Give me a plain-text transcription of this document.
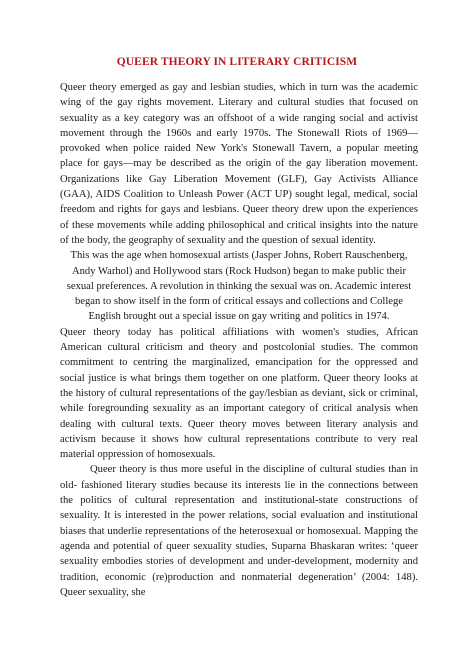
QUEER THEORY IN LITERARY CRITICISM

Queer theory emerged as gay and lesbian studies, which in turn was the academic wing of the gay rights movement. Literary and cultural studies that focused on sexuality as a key category was an offshoot of a wide ranging social and activist movement through the 1960s and early 1970s. The Stonewall Riots of 1969—provoked when police raided New York's Stonewall Tavern, a popular meeting place for gays—may be described as the origin of the gay liberation movement. Organizations like Gay Liberation Movement (GLF), Gay Activists Alliance (GAA), AIDS Coalition to Unleash Power (ACT UP) sought legal, medical, social freedom and rights for gays and lesbians. Queer theory drew upon the experiences of these movements while adding philosophical and critical insights into the nature of the body, the geography of sexuality and the question of sexual identity.

This was the age when homosexual artists (Jasper Johns, Robert Rauschenberg, Andy Warhol) and Hollywood stars (Rock Hudson) began to make public their sexual preferences. A revolution in thinking the sexual was on. Academic interest began to show itself in the form of critical essays and collections and College English brought out a special issue on gay writing and politics in 1974.

Queer theory today has political affiliations with women's studies, African American cultural criticism and theory and postcolonial studies. The common commitment to centring the marginalized, emancipation for the oppressed and social justice is what brings them together on one platform. Queer theory looks at the history of cultural representations of the gay/lesbian as deviant, sick or criminal, while foregrounding sexuality as an important category of critical analysis when dealing with cultural texts. Queer theory moves between literary analysis and activism because it shows how cultural representations contribute to very real material oppression of homosexuals.

Queer theory is thus more useful in the discipline of cultural studies than in old- fashioned literary studies because its interests lie in the connections between the politics of cultural representation and institutional-state constructions of sexuality. It is interested in the power relations, social evaluation and institutional biases that underlie representations of the heterosexual or homosexual. Mapping the agenda and potential of queer sexuality studies, Suparna Bhaskaran writes: ‘queer sexuality embodies stories of development and under-development, modernity and tradition, economic (re)production and nonmaterial degeneration’ (2004: 148). Queer sexuality, she
